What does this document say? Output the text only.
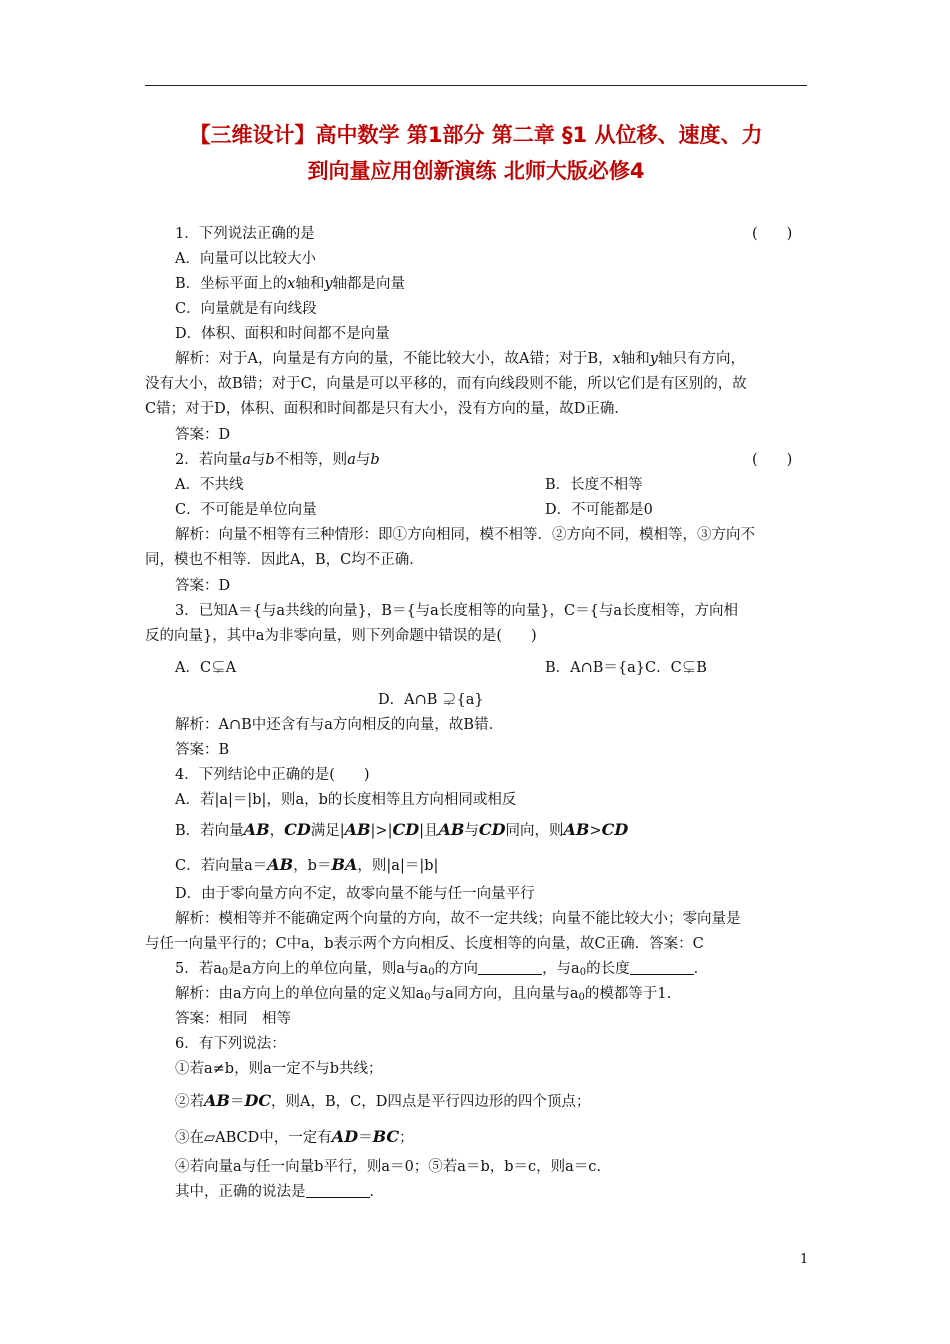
【三维设计】高中数学 第1部分 第二章 §1 从位移、速度、力
到向量应用创新演练 北师大版必修4
1．下列说法正确的是	(　　)
A．向量可以比较大小
B．坐标平面上的x轴和y轴都是向量
C．向量就是有向线段
D．体积、面积和时间都不是向量
解析：对于A，向量是有方向的量，不能比较大小，故A错；对于B，x轴和y轴只有方向，
没有大小，故B错；对于C，向量是可以平移的，而有向线段则不能，所以它们是有区别的，故
C错；对于D，体积、面积和时间都是只有大小，没有方向的量，故D正确．
答案：D
2．若向量a与b不相等，则a与b	(　　)
A．不共线	B．长度不相等
C．不可能是单位向量	D．不可能都是0
解析：向量不相等有三种情形：即①方向相同，模不相等．②方向不同，模相等，③方向不
同，模也不相等．因此A，B，C均不正确．
答案：D
3．已知A＝{与a共线的向量}，B＝{与a长度相等的向量}，C＝{与a长度相等，方向相
反的向量}，其中a为非零向量，则下列命题中错误的是(　　)
A．C⊊A	B．A∩B＝{a}C．C⊊B
D．A∩B ⊋{a}
解析：A∩B中还含有与a方向相反的向量，故B错．
答案：B
4．下列结论中正确的是(　　)
A．若|a|＝|b|，则a，b的长度相等且方向相同或相反
B．若向量AB，CD满足|AB|>|CD|且AB与CD同向，则AB>CD
C．若向量a＝AB，b＝BA，则|a|＝|b|
D．由于零向量方向不定，故零向量不能与任一向量平行
解析：模相等并不能确定两个向量的方向，故不一定共线；向量不能比较大小；零向量是
与任一向量平行的；C中a，b表示两个方向相反、长度相等的向量，故C正确．答案：C
5．若$a_0$是a方向上的单位向量，则a与$a_0$的方向	，与$a_0$的长度	．
解析：由a方向上的单位向量的定义知$a_0$与a同方向，且向量与$a_0$的模都等于1.
答案：相同　相等
6．有下列说法：
①若a≠b，则a一定不与b共线；
②若AB＝DC，则A，B，C，D四点是平行四边形的四个顶点；
③在▱ABCD中，一定有AD＝BC；
④若向量a与任一向量b平行，则a＝0；⑤若a＝b，b＝c，则a＝c.
其中，正确的说法是	．
1
